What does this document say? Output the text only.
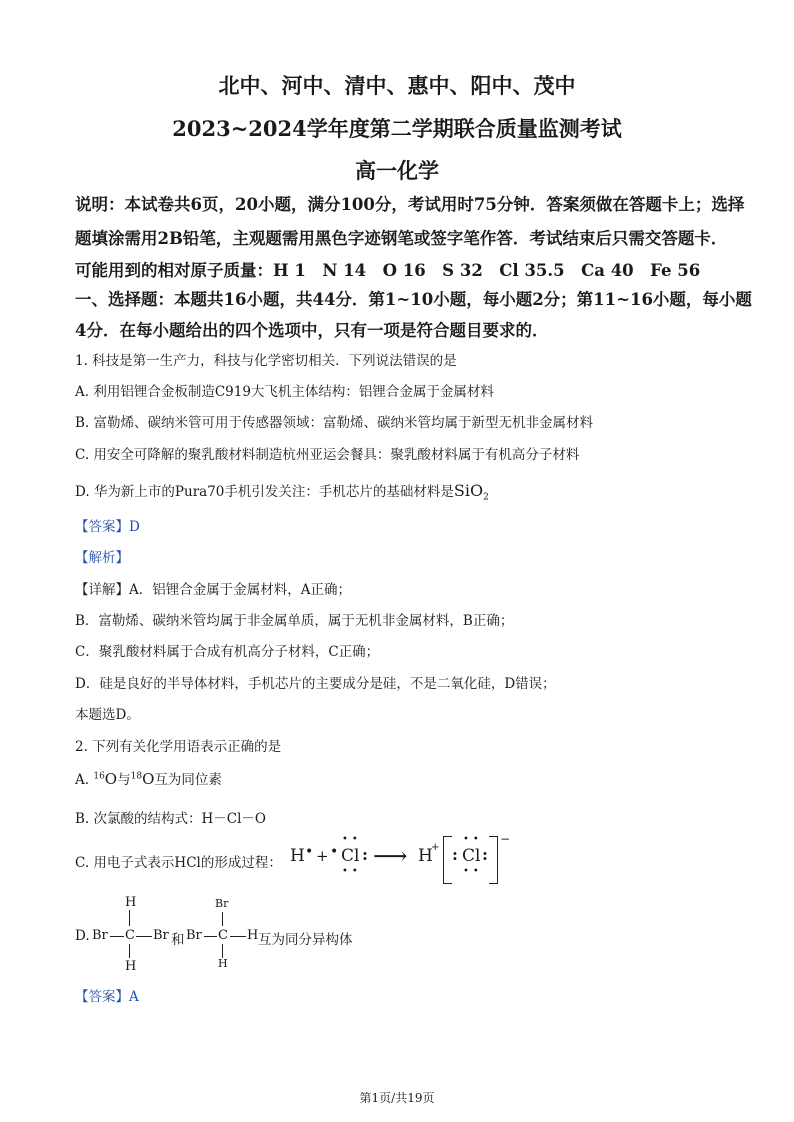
北中、河中、清中、惠中、阳中、茂中
2023~2024学年度第二学期联合质量监测考试
高一化学
说明：本试卷共6页，20小题，满分100分，考试用时75分钟．答案须做在答题卡上；选择
题填涂需用2B铅笔，主观题需用黑色字迹钢笔或签字笔作答．考试结束后只需交答题卡．
可能用到的相对原子质量：H 1　N 14　O 16　S 32　Cl 35.5　Ca 40　Fe 56
一、选择题：本题共16小题，共44分．第1~10小题，每小题2分；第11~16小题，每小题
4分．在每小题给出的四个选项中，只有一项是符合题目要求的．
1. 科技是第一生产力，科技与化学密切相关．下列说法错误的是
A. 利用铝锂合金板制造C919大飞机主体结构：铝锂合金属于金属材料
B. 富勒烯、碳纳米管可用于传感器领域：富勒烯、碳纳米管均属于新型无机非金属材料
C. 用安全可降解的聚乳酸材料制造杭州亚运会餐具：聚乳酸材料属于有机高分子材料
D. 华为新上市的Pura70手机引发关注：手机芯片的基础材料是SiO$_2$
【答案】D
【解析】
【详解】A．铝锂合金属于金属材料，A正确；
B．富勒烯、碳纳米管均属于非金属单质，属于无机非金属材料，B正确；
C．聚乳酸材料属于合成有机高分子材料，C正确；
D．硅是良好的半导体材料，手机芯片的主要成分是硅，不是二氧化硅，D错误；
本题选D。
2. 下列有关化学用语表示正确的是
A. $^{16}$O与$^{18}$O互为同位素
B. 次氯酸的结构式：H－Cl－O
C. 用电子式表示HCl的形成过程： H • + •
••
Cl :
••
⟶ H
+ :
••
Cl :
••
−
D.
H
Br C Br
H
和
Br
Br C H
H
互为同分异构体
【答案】A
第1页/共19页
